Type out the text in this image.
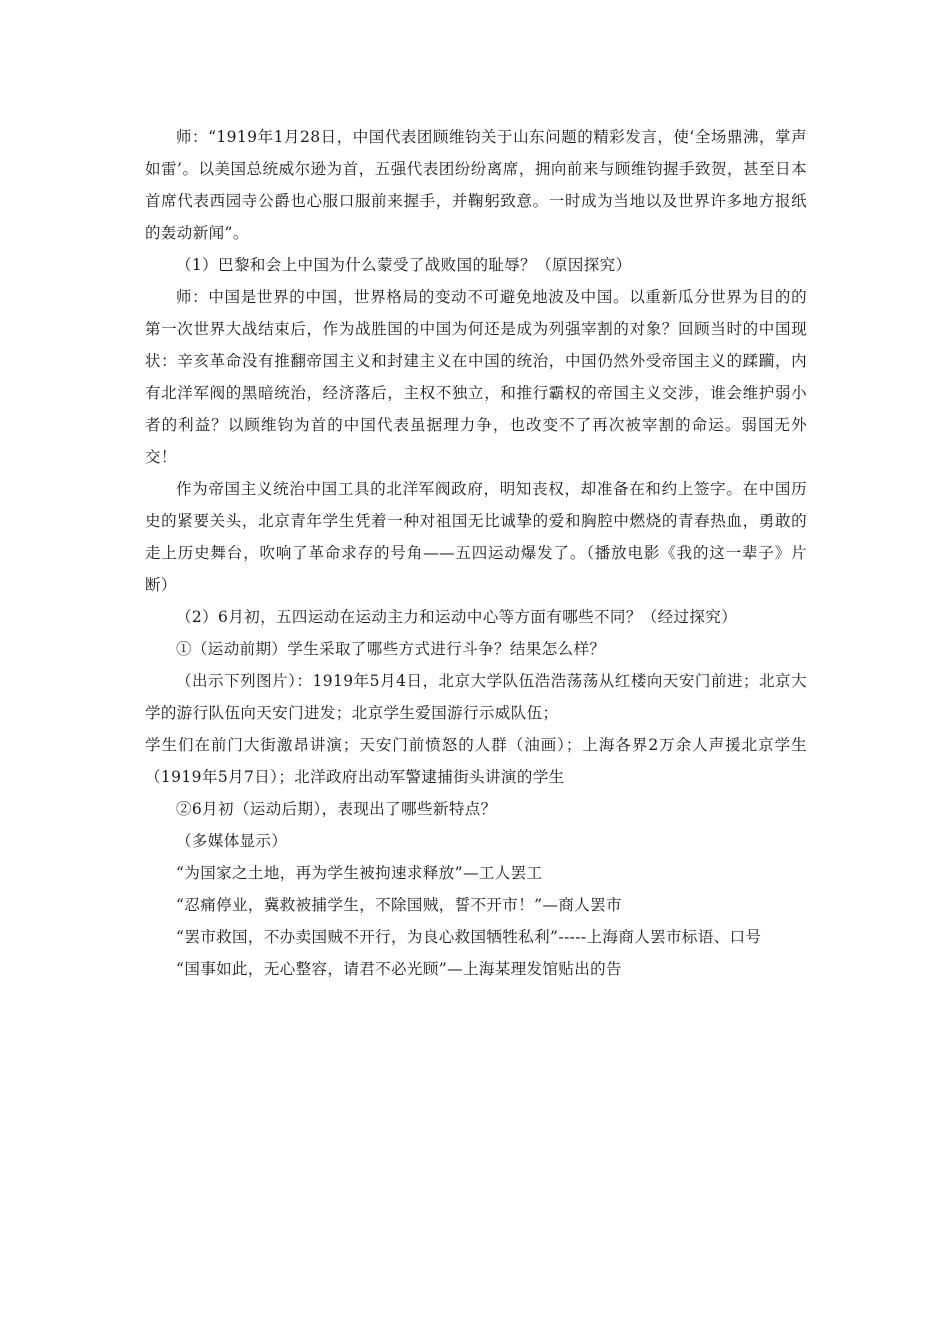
师：“1919年1月28日，中国代表团顾维钧关于山东问题的精彩发言，使‘全场鼎沸，掌声如雷’。以美国总统威尔逊为首，五强代表团纷纷离席，拥向前来与顾维钧握手致贺，甚至日本首席代表西园寺公爵也心服口服前来握手，并鞠躬致意。一时成为当地以及世界许多地方报纸的轰动新闻”。

（1）巴黎和会上中国为什么蒙受了战败国的耻辱？（原因探究）

师：中国是世界的中国，世界格局的变动不可避免地波及中国。以重新瓜分世界为目的的第一次世界大战结束后，作为战胜国的中国为何还是成为列强宰割的对象？回顾当时的中国现状：辛亥革命没有推翻帝国主义和封建主义在中国的统治，中国仍然外受帝国主义的蹂躏，内有北洋军阀的黑暗统治，经济落后，主权不独立，和推行霸权的帝国主义交涉，谁会维护弱小者的利益？以顾维钧为首的中国代表虽据理力争，也改变不了再次被宰割的命运。弱国无外交！

作为帝国主义统治中国工具的北洋军阀政府，明知丧权，却准备在和约上签字。在中国历史的紧要关头，北京青年学生凭着一种对祖国无比诚挚的爱和胸腔中燃烧的青春热血，勇敢的走上历史舞台，吹响了革命求存的号角——五四运动爆发了。（播放电影《我的这一辈子》片断）

（2）6月初，五四运动在运动主力和运动中心等方面有哪些不同？（经过探究）

①（运动前期）学生采取了哪些方式进行斗争？结果怎么样？

（出示下列图片）：1919年5月4日，北京大学队伍浩浩荡荡从红楼向天安门前进；北京大学的游行队伍向天安门进发；北京学生爱国游行示威队伍；

学生们在前门大街激昂讲演；天安门前愤怒的人群（油画）；上海各界2万余人声援北京学生（1919年5月7日）；北洋政府出动军警逮捕街头讲演的学生

②6月初（运动后期），表现出了哪些新特点？

（多媒体显示）

“为国家之土地，再为学生被拘速求释放”—工人罢工

“忍痛停业，冀救被捕学生，不除国贼，誓不开市！”—商人罢市

“罢市救国，不办卖国贼不开行，为良心救国牺牲私利”-----上海商人罢市标语、口号

“国事如此，无心整容，请君不必光顾”—上海某理发馆贴出的告
